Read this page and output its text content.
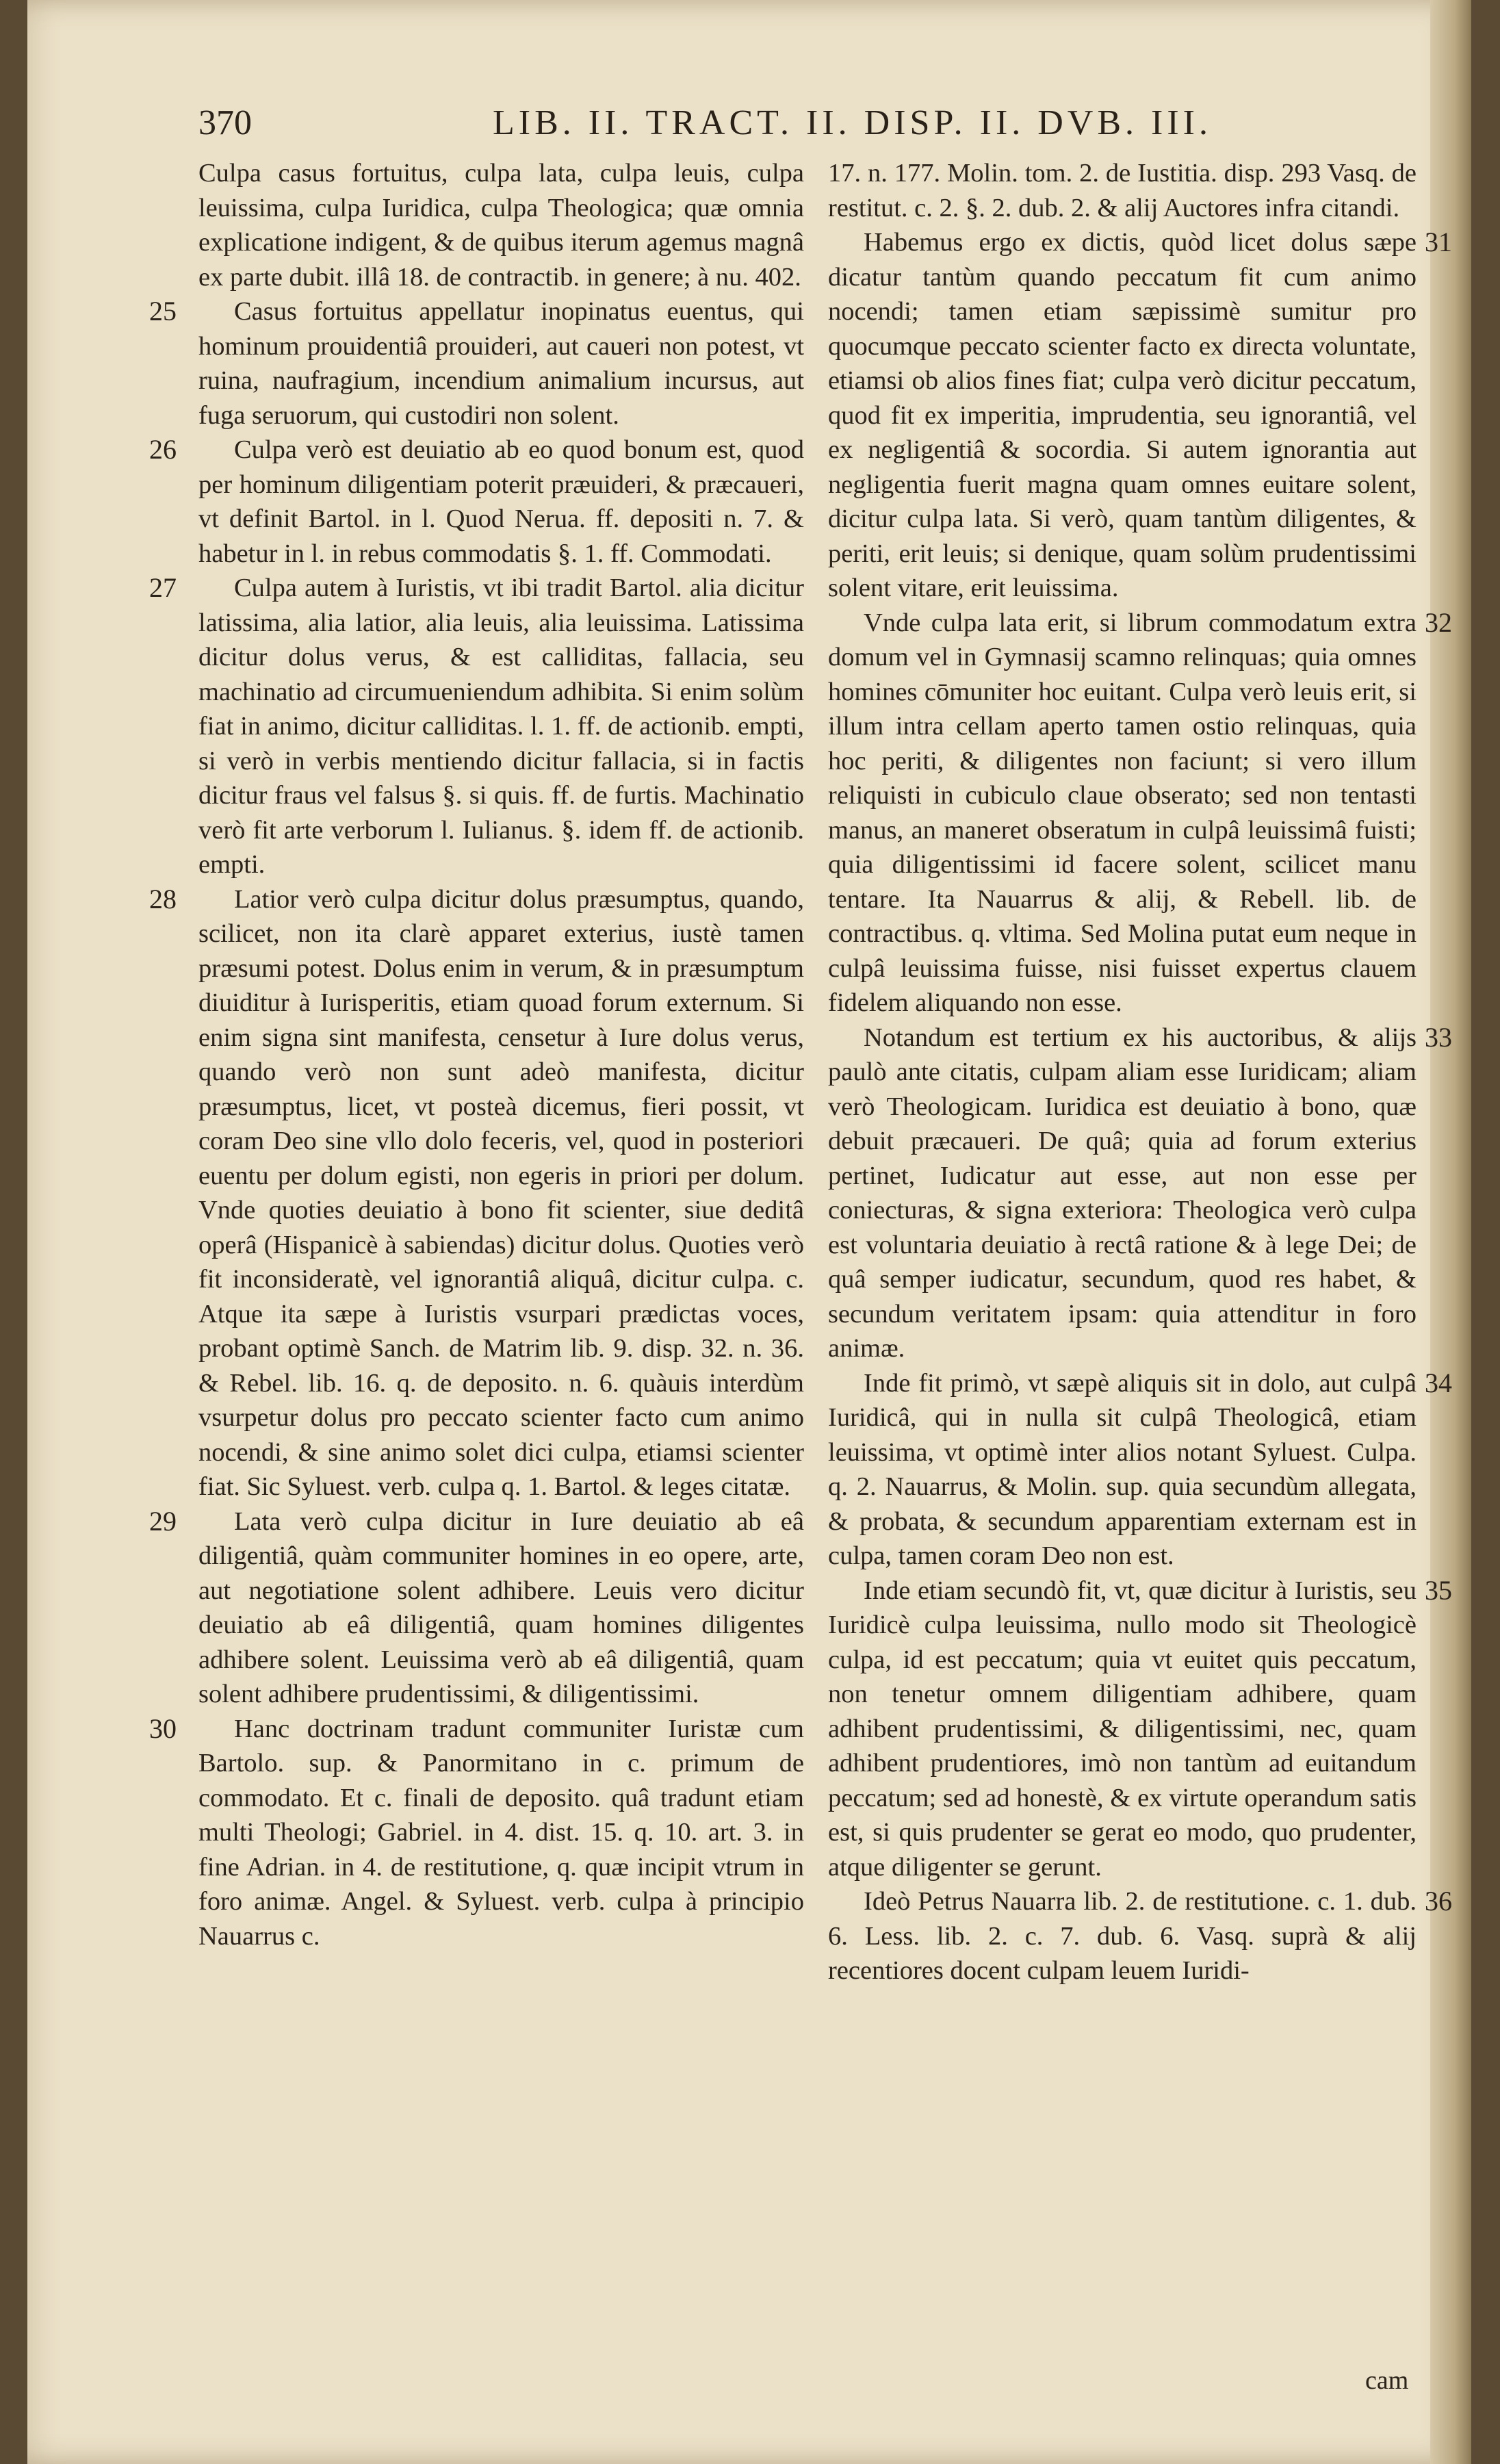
370	LIB. II. TRACT. II. DISP. II. DVB. III.

Culpa casus fortuitus, culpa lata, culpa leuis, culpa leuissima, culpa Iuridica, culpa Theologica; quæ omnia explicatione indigent, & de quibus iterum agemus magnâ ex parte dubit. illâ 18. de contractib. in genere; à nu. 402.

25	Casus fortuitus appellatur inopinatus euentus, qui hominum prouidentiâ prouideri, aut caueri non potest, vt ruina, naufragium, incendium animalium incursus, aut fuga seruorum, qui custodiri non solent.

26	Culpa verò est deuiatio ab eo quod bonum est, quod per hominum diligentiam poterit præuideri, & præcaueri, vt definit Bartol. in l. Quod Nerua. ff. depositi n. 7. & habetur in l. in rebus commodatis §. 1. ff. Commodati.

27	Culpa autem à Iuristis, vt ibi tradit Bartol. alia dicitur latissima, alia latior, alia leuis, alia leuissima. Latissima dicitur dolus verus, & est calliditas, fallacia, seu machinatio ad circumueniendum adhibita. Si enim solùm fiat in animo, dicitur calliditas. l. 1. ff. de actionib. empti, si verò in verbis mentiendo dicitur fallacia, si in factis dicitur fraus vel falsus §. si quis. ff. de furtis. Machinatio verò fit arte verborum l. Iulianus. §. idem ff. de actionib. empti.

28	Latior verò culpa dicitur dolus præsumptus, quando, scilicet, non ita clarè apparet exterius, iustè tamen præsumi potest. Dolus enim in verum, & in præsumptum diuiditur à Iurisperitis, etiam quoad forum externum. Si enim signa sint manifesta, censetur à Iure dolus verus, quando verò non sunt adeò manifesta, dicitur præsumptus, licet, vt posteà dicemus, fieri possit, vt coram Deo sine vllo dolo feceris, vel, quod in posteriori euentu per dolum egisti, non egeris in priori per dolum. Vnde quoties deuiatio à bono fit scienter, siue deditâ operâ (Hispanicè à sabiendas) dicitur dolus. Quoties verò fit inconsideratè, vel ignorantiâ aliquâ, dicitur culpa. c. Atque ita sæpe à Iuristis vsurpari prædictas voces, probant optimè Sanch. de Matrim lib. 9. disp. 32. n. 36. & Rebel. lib. 16. q. de deposito. n. 6. quàuis interdùm vsurpetur dolus pro peccato scienter facto cum animo nocendi, & sine animo solet dici culpa, etiamsi scienter fiat. Sic Syluest. verb. culpa q. 1. Bartol. & leges citatæ.

29	Lata verò culpa dicitur in Iure deuiatio ab eâ diligentiâ, quàm communiter homines in eo opere, arte, aut negotiatione solent adhibere. Leuis vero dicitur deuiatio ab eâ diligentiâ, quam homines diligentes adhibere solent. Leuissima verò ab eâ diligentiâ, quam solent adhibere prudentissimi, & diligentissimi.

30	Hanc doctrinam tradunt communiter Iuristæ cum Bartolo. sup. & Panormitano in c. primum de commodato. Et c. finali de deposito. quâ tradunt etiam multi Theologi; Gabriel. in 4. dist. 15. q. 10. art. 3. in fine Adrian. in 4. de restitutione, q. quæ incipit vtrum in foro animæ. Angel. & Syluest. verb. culpa à principio Nauarrus c.

17. n. 177. Molin. tom. 2. de Iustitia. disp. 293 Vasq. de restitut. c. 2. §. 2. dub. 2. & alij Auctores infra citandi.

31

Habemus ergo ex dictis, quòd licet dolus sæpe dicatur tantùm quando peccatum fit cum animo nocendi; tamen etiam sæpissimè sumitur pro quocumque peccato scienter facto ex directa voluntate, etiamsi ob alios fines fiat; culpa verò dicitur peccatum, quod fit ex imperitia, imprudentia, seu ignorantiâ, vel ex negligentiâ & socordia. Si autem ignorantia aut negligentia fuerit magna quam omnes euitare solent, dicitur culpa lata. Si verò, quam tantùm diligentes, & periti, erit leuis; si denique, quam solùm prudentissimi solent vitare, erit leuissima.

32

Vnde culpa lata erit, si librum commodatum extra domum vel in Gymnasij scamno relinquas; quia omnes homines cōmuniter hoc euitant. Culpa verò leuis erit, si illum intra cellam aperto tamen ostio relinquas, quia hoc periti, & diligentes non faciunt; si vero illum reliquisti in cubiculo claue obserato; sed non tentasti manus, an maneret obseratum in culpâ leuissimâ fuisti; quia diligentissimi id facere solent, scilicet manu tentare. Ita Nauarrus & alij, & Rebell. lib. de contractibus. q. vltima. Sed Molina putat eum neque in culpâ leuissima fuisse, nisi fuisset expertus clauem fidelem aliquando non esse.

33

Notandum est tertium ex his auctoribus, & alijs paulò ante citatis, culpam aliam esse Iuridicam; aliam verò Theologicam. Iuridica est deuiatio à bono, quæ debuit præcaueri. De quâ; quia ad forum exterius pertinet, Iudicatur aut esse, aut non esse per coniecturas, & signa exteriora: Theologica verò culpa est voluntaria deuiatio à rectâ ratione & à lege Dei; de quâ semper iudicatur, secundum, quod res habet, & secundum veritatem ipsam: quia attenditur in foro animæ.

34

Inde fit primò, vt sæpè aliquis sit in dolo, aut culpâ Iuridicâ, qui in nulla sit culpâ Theologicâ, etiam leuissima, vt optimè inter alios notant Syluest. Culpa. q. 2. Nauarrus, & Molin. sup. quia secundùm allegata, & probata, & secundum apparentiam externam est in culpa, tamen coram Deo non est.

35

Inde etiam secundò fit, vt, quæ dicitur à Iuristis, seu Iuridicè culpa leuissima, nullo modo sit Theologicè culpa, id est peccatum; quia vt euitet quis peccatum, non tenetur omnem diligentiam adhibere, quam adhibent prudentissimi, & diligentissimi, nec, quam adhibent prudentiores, imò non tantùm ad euitandum peccatum; sed ad honestè, & ex virtute operandum satis est, si quis prudenter se gerat eo modo, quo prudenter, atque diligenter se gerunt.

36

Ideò Petrus Nauarra lib. 2. de restitutione. c. 1. dub. 6. Less. lib. 2. c. 7. dub. 6. Vasq. suprà & alij recentiores docent culpam leuem Iuridi-

cam
